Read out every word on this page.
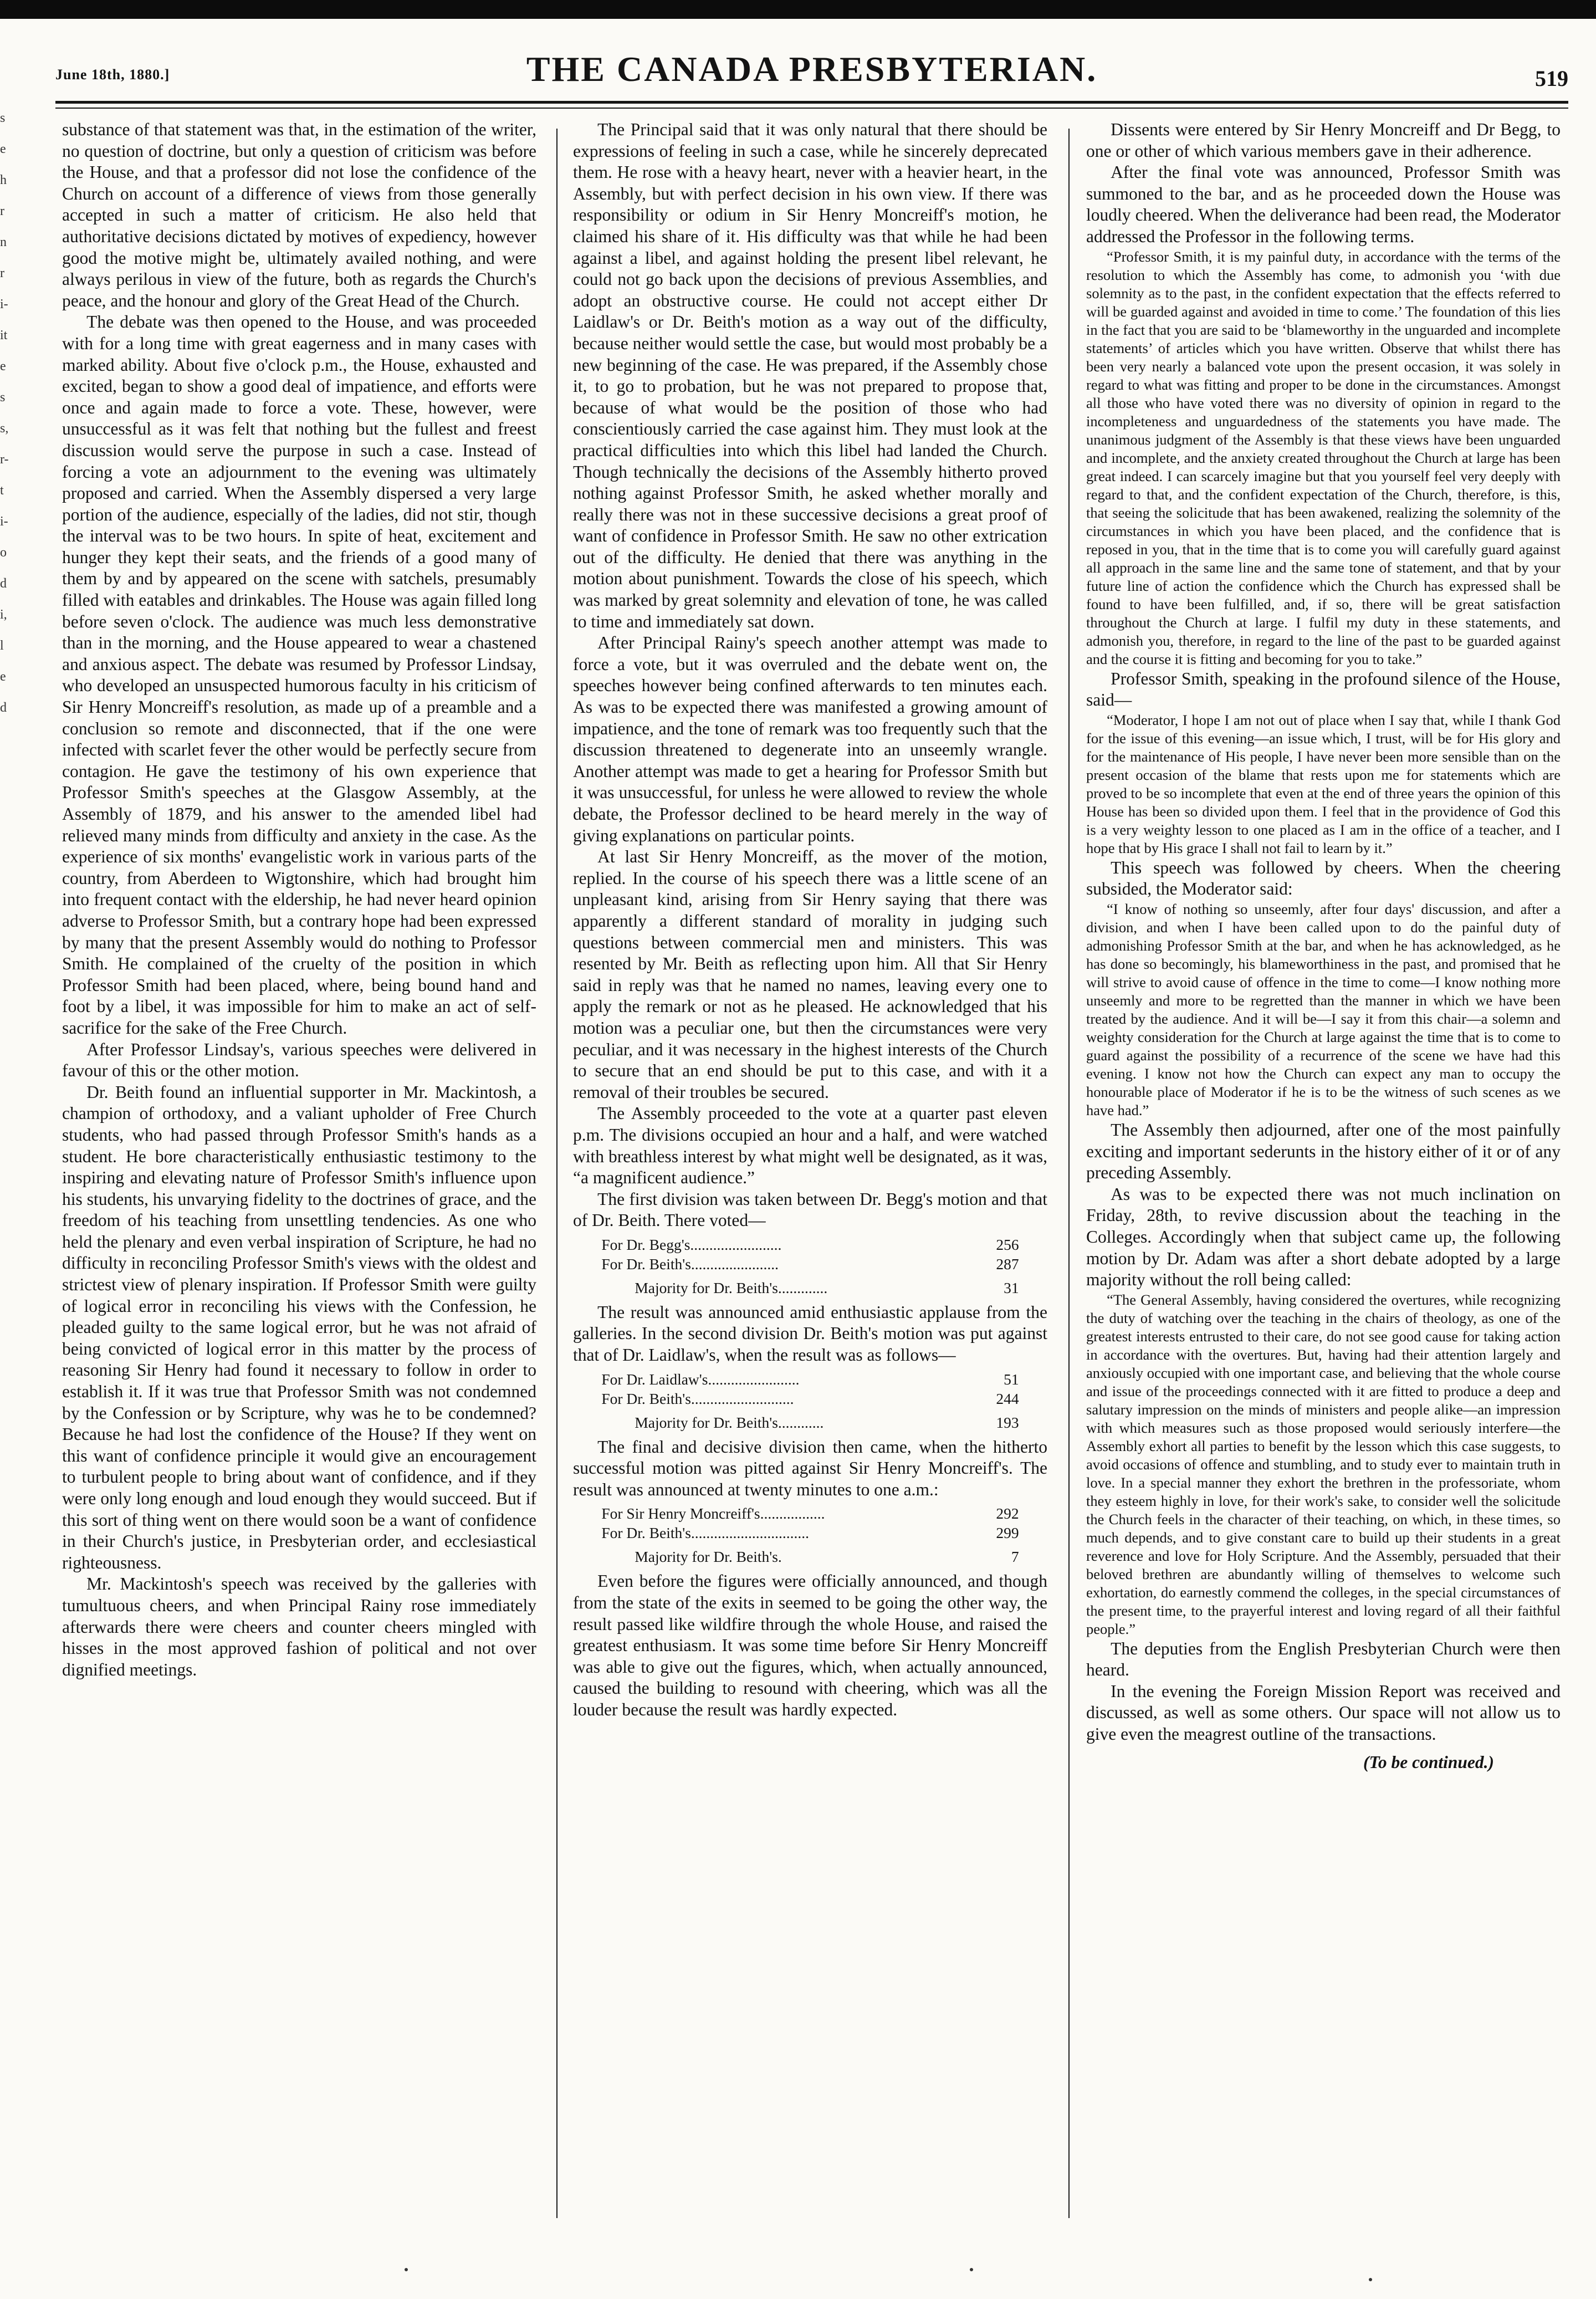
June 18th, 1880.]	THE CANADA PRESBYTERIAN.	519
s
e
h
r
n
r
i-
it
e
s
s,
r-
t
i-
o
d
i,
l
e
d

substance of that statement was that, in the estimation of the writer, no question of doctrine, but only a question of criticism was before the House, and that a professor did not lose the confidence of the Church on account of a difference of views from those generally accepted in such a matter of criticism. He also held that authoritative decisions dictated by motives of expediency, however good the motive might be, ultimately availed nothing, and were always perilous in view of the future, both as regards the Church's peace, and the honour and glory of the Great Head of the Church.

The debate was then opened to the House, and was proceeded with for a long time with great eagerness and in many cases with marked ability. About five o'clock p.m., the House, exhausted and excited, began to show a good deal of impatience, and efforts were once and again made to force a vote. These, however, were unsuccessful as it was felt that nothing but the fullest and freest discussion would serve the purpose in such a case. Instead of forcing a vote an adjournment to the evening was ultimately proposed and carried. When the Assembly dispersed a very large portion of the audience, especially of the ladies, did not stir, though the interval was to be two hours. In spite of heat, excitement and hunger they kept their seats, and the friends of a good many of them by and by appeared on the scene with satchels, presumably filled with eatables and drinkables. The House was again filled long before seven o'clock. The audience was much less demonstrative than in the morning, and the House appeared to wear a chastened and anxious aspect. The debate was resumed by Professor Lindsay, who developed an unsuspected humorous faculty in his criticism of Sir Henry Moncreiff's resolution, as made up of a preamble and a conclusion so remote and disconnected, that if the one were infected with scarlet fever the other would be perfectly secure from contagion. He gave the testimony of his own experience that Professor Smith's speeches at the Glasgow Assembly, at the Assembly of 1879, and his answer to the amended libel had relieved many minds from difficulty and anxiety in the case. As the experience of six months' evangelistic work in various parts of the country, from Aberdeen to Wigtonshire, which had brought him into frequent contact with the eldership, he had never heard opinion adverse to Professor Smith, but a contrary hope had been expressed by many that the present Assembly would do nothing to Professor Smith. He complained of the cruelty of the position in which Professor Smith had been placed, where, being bound hand and foot by a libel, it was impossible for him to make an act of self-sacrifice for the sake of the Free Church.

After Professor Lindsay's, various speeches were delivered in favour of this or the other motion.

Dr. Beith found an influential supporter in Mr. Mackintosh, a champion of orthodoxy, and a valiant upholder of Free Church students, who had passed through Professor Smith's hands as a student. He bore characteristically enthusiastic testimony to the inspiring and elevating nature of Professor Smith's influence upon his students, his unvarying fidelity to the doctrines of grace, and the freedom of his teaching from unsettling tendencies. As one who held the plenary and even verbal inspiration of Scripture, he had no difficulty in reconciling Professor Smith's views with the oldest and strictest view of plenary inspiration. If Professor Smith were guilty of logical error in reconciling his views with the Confession, he pleaded guilty to the same logical error, but he was not afraid of being convicted of logical error in this matter by the process of reasoning Sir Henry had found it necessary to follow in order to establish it. If it was true that Professor Smith was not condemned by the Confession or by Scripture, why was he to be condemned? Because he had lost the confidence of the House? If they went on this want of confidence principle it would give an encouragement to turbulent people to bring about want of confidence, and if they were only long enough and loud enough they would succeed. But if this sort of thing went on there would soon be a want of confidence in their Church's justice, in Presbyterian order, and ecclesiastical righteousness.

Mr. Mackintosh's speech was received by the galleries with tumultuous cheers, and when Principal Rainy rose immediately afterwards there were cheers and counter cheers mingled with hisses in the most approved fashion of political and not over dignified meetings.

The Principal said that it was only natural that there should be expressions of feeling in such a case, while he sincerely deprecated them. He rose with a heavy heart, never with a heavier heart, in the Assembly, but with perfect decision in his own view. If there was responsibility or odium in Sir Henry Moncreiff's motion, he claimed his share of it. His difficulty was that while he had been against a libel, and against holding the present libel relevant, he could not go back upon the decisions of previous Assemblies, and adopt an obstructive course. He could not accept either Dr Laidlaw's or Dr. Beith's motion as a way out of the difficulty, because neither would settle the case, but would most probably be a new beginning of the case. He was prepared, if the Assembly chose it, to go to probation, but he was not prepared to propose that, because of what would be the position of those who had conscientiously carried the case against him. They must look at the practical difficulties into which this libel had landed the Church. Though technically the decisions of the Assembly hitherto proved nothing against Professor Smith, he asked whether morally and really there was not in these successive decisions a great proof of want of confidence in Professor Smith. He saw no other extrication out of the difficulty. He denied that there was anything in the motion about punishment. Towards the close of his speech, which was marked by great solemnity and elevation of tone, he was called to time and immediately sat down.

After Principal Rainy's speech another attempt was made to force a vote, but it was overruled and the debate went on, the speeches however being confined afterwards to ten minutes each. As was to be expected there was manifested a growing amount of impatience, and the tone of remark was too frequently such that the discussion threatened to degenerate into an unseemly wrangle. Another attempt was made to get a hearing for Professor Smith but it was unsuccessful, for unless he were allowed to review the whole debate, the Professor declined to be heard merely in the way of giving explanations on particular points.

At last Sir Henry Moncreiff, as the mover of the motion, replied. In the course of his speech there was a little scene of an unpleasant kind, arising from Sir Henry saying that there was apparently a different standard of morality in judging such questions between commercial men and ministers. This was resented by Mr. Beith as reflecting upon him. All that Sir Henry said in reply was that he named no names, leaving every one to apply the remark or not as he pleased. He acknowledged that his motion was a peculiar one, but then the circumstances were very peculiar, and it was necessary in the highest interests of the Church to secure that an end should be put to this case, and with it a removal of their troubles be secured.

The Assembly proceeded to the vote at a quarter past eleven p.m. The divisions occupied an hour and a half, and were watched with breathless interest by what might well be designated, as it was, “a magnificent audience.”

The first division was taken between Dr. Begg's motion and that of Dr. Beith. There voted—

For Dr. Begg's........................	256
For Dr. Beith's.......................	287
Majority for Dr. Beith's.............	31

The result was announced amid enthusiastic applause from the galleries. In the second division Dr. Beith's motion was put against that of Dr. Laidlaw's, when the result was as follows—

For Dr. Laidlaw's........................	51
For Dr. Beith's...........................	244
Majority for Dr. Beith's............	193

The final and decisive division then came, when the hitherto successful motion was pitted against Sir Henry Moncreiff's. The result was announced at twenty minutes to one a.m.:

For Sir Henry Moncreiff's.................	292
For Dr. Beith's...............................	299
Majority for Dr. Beith's.	7

Even before the figures were officially announced, and though from the state of the exits in seemed to be going the other way, the result passed like wildfire through the whole House, and raised the greatest enthusiasm. It was some time before Sir Henry Moncreiff was able to give out the figures, which, when actually announced, caused the building to resound with cheering, which was all the louder because the result was hardly expected.

Dissents were entered by Sir Henry Moncreiff and Dr Begg, to one or other of which various members gave in their adherence.

After the final vote was announced, Professor Smith was summoned to the bar, and as he proceeded down the House was loudly cheered. When the deliverance had been read, the Moderator addressed the Professor in the following terms.

“Professor Smith, it is my painful duty, in accordance with the terms of the resolution to which the Assembly has come, to admonish you ‘with due solemnity as to the past, in the confident expectation that the effects referred to will be guarded against and avoided in time to come.’ The foundation of this lies in the fact that you are said to be ‘blameworthy in the unguarded and incomplete statements’ of articles which you have written. Observe that whilst there has been very nearly a balanced vote upon the present occasion, it was solely in regard to what was fitting and proper to be done in the circumstances. Amongst all those who have voted there was no diversity of opinion in regard to the incompleteness and unguardedness of the statements you have made. The unanimous judgment of the Assembly is that these views have been unguarded and incomplete, and the anxiety created throughout the Church at large has been great indeed. I can scarcely imagine but that you yourself feel very deeply with regard to that, and the confident expectation of the Church, therefore, is this, that seeing the solicitude that has been awakened, realizing the solemnity of the circumstances in which you have been placed, and the confidence that is reposed in you, that in the time that is to come you will carefully guard against all approach in the same line and the same tone of statement, and that by your future line of action the confidence which the Church has expressed shall be found to have been fulfilled, and, if so, there will be great satisfaction throughout the Church at large. I fulfil my duty in these statements, and admonish you, therefore, in regard to the line of the past to be guarded against and the course it is fitting and becoming for you to take.”

Professor Smith, speaking in the profound silence of the House, said—

“Moderator, I hope I am not out of place when I say that, while I thank God for the issue of this evening—an issue which, I trust, will be for His glory and for the maintenance of His people, I have never been more sensible than on the present occasion of the blame that rests upon me for statements which are proved to be so incomplete that even at the end of three years the opinion of this House has been so divided upon them. I feel that in the providence of God this is a very weighty lesson to one placed as I am in the office of a teacher, and I hope that by His grace I shall not fail to learn by it.”

This speech was followed by cheers. When the cheering subsided, the Moderator said:

“I know of nothing so unseemly, after four days' discussion, and after a division, and when I have been called upon to do the painful duty of admonishing Professor Smith at the bar, and when he has acknowledged, as he has done so becomingly, his blameworthiness in the past, and promised that he will strive to avoid cause of offence in the time to come—I know nothing more unseemly and more to be regretted than the manner in which we have been treated by the audience. And it will be—I say it from this chair—a solemn and weighty consideration for the Church at large against the time that is to come to guard against the possibility of a recurrence of the scene we have had this evening. I know not how the Church can expect any man to occupy the honourable place of Moderator if he is to be the witness of such scenes as we have had.”

The Assembly then adjourned, after one of the most painfully exciting and important sederunts in the history either of it or of any preceding Assembly.

As was to be expected there was not much inclination on Friday, 28th, to revive discussion about the teaching in the Colleges. Accordingly when that subject came up, the following motion by Dr. Adam was after a short debate adopted by a large majority without the roll being called:

“The General Assembly, having considered the overtures, while recognizing the duty of watching over the teaching in the chairs of theology, as one of the greatest interests entrusted to their care, do not see good cause for taking action in accordance with the overtures. But, having had their attention largely and anxiously occupied with one important case, and believing that the whole course and issue of the proceedings connected with it are fitted to produce a deep and salutary impression on the minds of ministers and people alike—an impression with which measures such as those proposed would seriously interfere—the Assembly exhort all parties to benefit by the lesson which this case suggests, to avoid occasions of offence and stumbling, and to study ever to maintain truth in love. In a special manner they exhort the brethren in the professoriate, whom they esteem highly in love, for their work's sake, to consider well the solicitude the Church feels in the character of their teaching, on which, in these times, so much depends, and to give constant care to build up their students in a great reverence and love for Holy Scripture. And the Assembly, persuaded that their beloved brethren are abundantly willing of themselves to welcome such exhortation, do earnestly commend the colleges, in the special circumstances of the present time, to the prayerful interest and loving regard of all their faithful people.”

The deputies from the English Presbyterian Church were then heard.

In the evening the Foreign Mission Report was received and discussed, as well as some others. Our space will not allow us to give even the meagrest outline of the transactions.

(To be continued.)
